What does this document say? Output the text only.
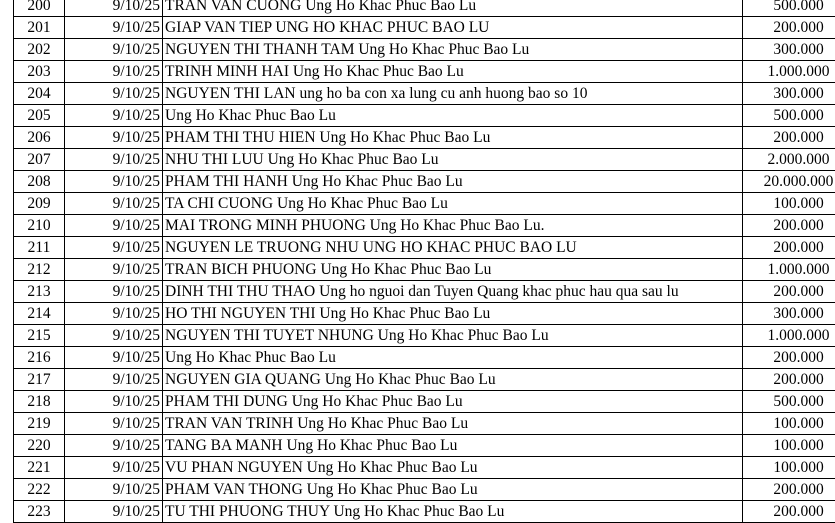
200	9/10/25	TRAN VAN CUONG Ung Ho Khac Phuc Bao Lu	500.000
201	9/10/25	GIAP VAN TIEP UNG HO KHAC PHUC BAO LU	200.000
202	9/10/25	NGUYEN THI THANH TAM Ung Ho Khac Phuc Bao Lu	300.000
203	9/10/25	TRINH MINH HAI Ung Ho Khac Phuc Bao Lu	1.000.000
204	9/10/25	NGUYEN THI LAN ung ho ba con xa lung cu anh huong bao so 10	300.000
205	9/10/25	Ung Ho Khac Phuc Bao Lu	500.000
206	9/10/25	PHAM THI THU HIEN Ung Ho Khac Phuc Bao Lu	200.000
207	9/10/25	NHU THI LUU Ung Ho Khac Phuc Bao Lu	2.000.000
208	9/10/25	PHAM THI HANH Ung Ho Khac Phuc Bao Lu	20.000.000
209	9/10/25	TA CHI CUONG Ung Ho Khac Phuc Bao Lu	100.000
210	9/10/25	MAI TRONG MINH PHUONG Ung Ho Khac Phuc Bao Lu.	200.000
211	9/10/25	NGUYEN LE TRUONG NHU UNG HO KHAC PHUC BAO LU	200.000
212	9/10/25	TRAN BICH PHUONG Ung Ho Khac Phuc Bao Lu	1.000.000
213	9/10/25	DINH THI THU THAO Ung ho nguoi dan Tuyen Quang khac phuc hau qua sau lu	200.000
214	9/10/25	HO THI NGUYEN THI Ung Ho Khac Phuc Bao Lu	300.000
215	9/10/25	NGUYEN THI TUYET NHUNG Ung Ho Khac Phuc Bao Lu	1.000.000
216	9/10/25	Ung Ho Khac Phuc Bao Lu	200.000
217	9/10/25	NGUYEN GIA QUANG Ung Ho Khac Phuc Bao Lu	200.000
218	9/10/25	PHAM THI DUNG Ung Ho Khac Phuc Bao Lu	500.000
219	9/10/25	TRAN VAN TRINH Ung Ho Khac Phuc Bao Lu	100.000
220	9/10/25	TANG BA MANH Ung Ho Khac Phuc Bao Lu	100.000
221	9/10/25	VU PHAN NGUYEN Ung Ho Khac Phuc Bao Lu	100.000
222	9/10/25	PHAM VAN THONG Ung Ho Khac Phuc Bao Lu	200.000
223	9/10/25	TU THI PHUONG THUY Ung Ho Khac Phuc Bao Lu	200.000
